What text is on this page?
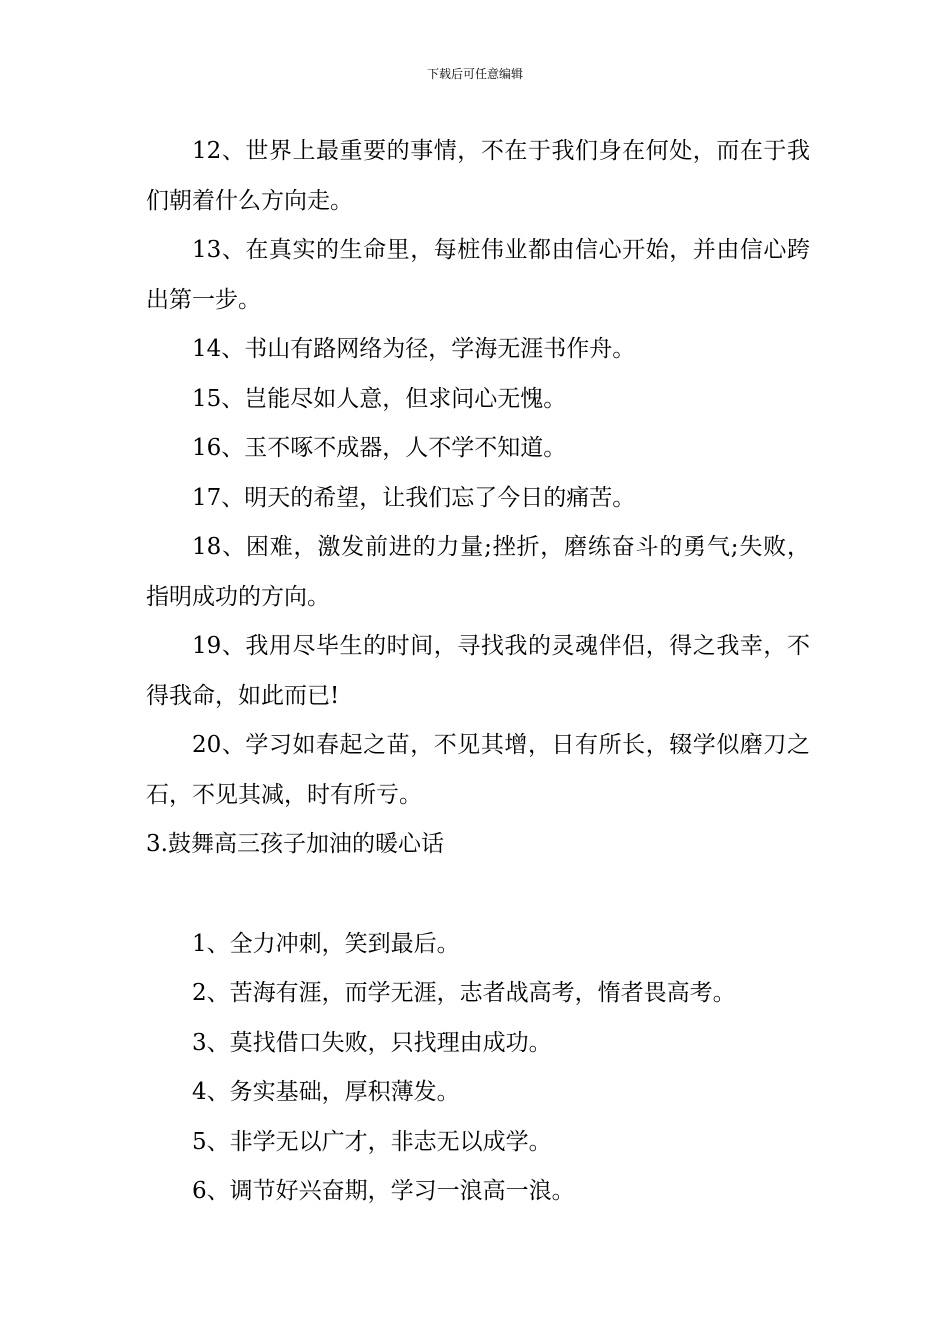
下载后可任意编辑

12、世界上最重要的事情，不在于我们身在何处，而在于我们朝着什么方向走。

13、在真实的生命里，每桩伟业都由信心开始，并由信心跨出第一步。

14、书山有路网络为径，学海无涯书作舟。

15、岂能尽如人意，但求问心无愧。

16、玉不啄不成器，人不学不知道。

17、明天的希望，让我们忘了今日的痛苦。

18、困难，激发前进的力量;挫折，磨练奋斗的勇气;失败，指明成功的方向。

19、我用尽毕生的时间，寻找我的灵魂伴侣，得之我幸，不得我命，如此而已!

20、学习如春起之苗，不见其增，日有所长，辍学似磨刀之石，不见其减，时有所亏。

3.鼓舞高三孩子加油的暖心话

1、全力冲刺，笑到最后。

2、苦海有涯，而学无涯，志者战高考，惰者畏高考。

3、莫找借口失败，只找理由成功。

4、务实基础，厚积薄发。

5、非学无以广才，非志无以成学。

6、调节好兴奋期，学习一浪高一浪。
